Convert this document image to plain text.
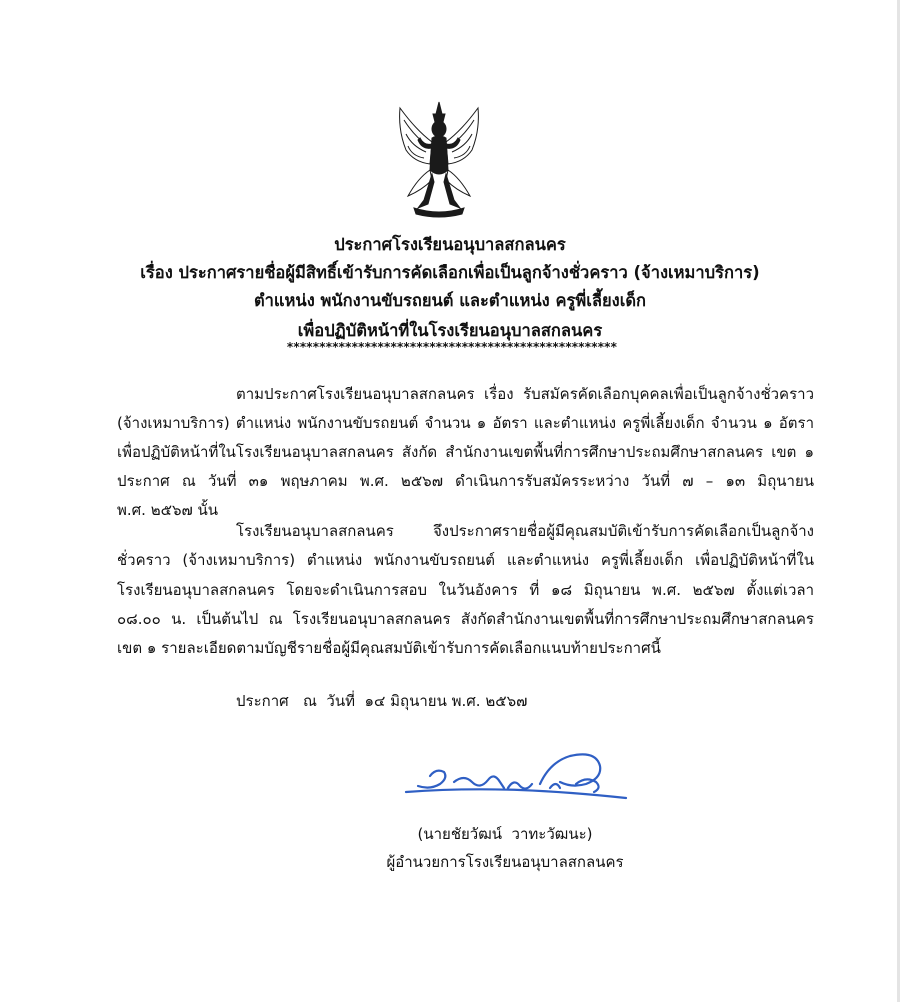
ประกาศโรงเรียนอนุบาลสกลนคร
เรื่อง ประกาศรายชื่อผู้มีสิทธิ์เข้ารับการคัดเลือกเพื่อเป็นลูกจ้างชั่วคราว (จ้างเหมาบริการ)
ตำแหน่ง พนักงานขับรถยนต์ และตำแหน่ง ครูพี่เลี้ยงเด็ก
เพื่อปฏิบัติหน้าที่ในโรงเรียนอนุบาลสกลนคร
***************************************************
ตามประกาศโรงเรียนอนุบาลสกลนคร เรื่อง รับสมัครคัดเลือกบุคคลเพื่อเป็นลูกจ้างชั่วคราว
(จ้างเหมาบริการ) ตำแหน่ง พนักงานขับรถยนต์ จำนวน ๑ อัตรา และตำแหน่ง ครูพี่เลี้ยงเด็ก จำนวน ๑ อัตรา
เพื่อปฏิบัติหน้าที่ในโรงเรียนอนุบาลสกลนคร สังกัด สำนักงานเขตพื้นที่การศึกษาประถมศึกษาสกลนคร เขต ๑
ประกาศ ณ วันที่ ๓๑ พฤษภาคม พ.ศ. ๒๕๖๗ ดำเนินการรับสมัครระหว่าง วันที่ ๗ – ๑๓ มิถุนายน
พ.ศ. ๒๕๖๗ นั้น
โรงเรียนอนุบาลสกลนคร จึงประกาศรายชื่อผู้มีคุณสมบัติเข้ารับการคัดเลือกเป็นลูกจ้าง
ชั่วคราว (จ้างเหมาบริการ) ตำแหน่ง พนักงานขับรถยนต์ และตำแหน่ง ครูพี่เลี้ยงเด็ก เพื่อปฏิบัติหน้าที่ใน
โรงเรียนอนุบาลสกลนคร โดยจะดำเนินการสอบ ในวันอังคาร ที่ ๑๘ มิถุนายน พ.ศ. ๒๕๖๗ ตั้งแต่เวลา
๐๘.๐๐ น. เป็นต้นไป ณ โรงเรียนอนุบาลสกลนคร สังกัดสำนักงานเขตพื้นที่การศึกษาประถมศึกษาสกลนคร
เขต ๑ รายละเอียดตามบัญชีรายชื่อผู้มีคุณสมบัติเข้ารับการคัดเลือกแนบท้ายประกาศนี้
ประกาศ   ณ  วันที่  ๑๔ มิถุนายน พ.ศ. ๒๕๖๗
(นายชัยวัฒน์  วาทะวัฒนะ)
ผู้อำนวยการโรงเรียนอนุบาลสกลนคร
